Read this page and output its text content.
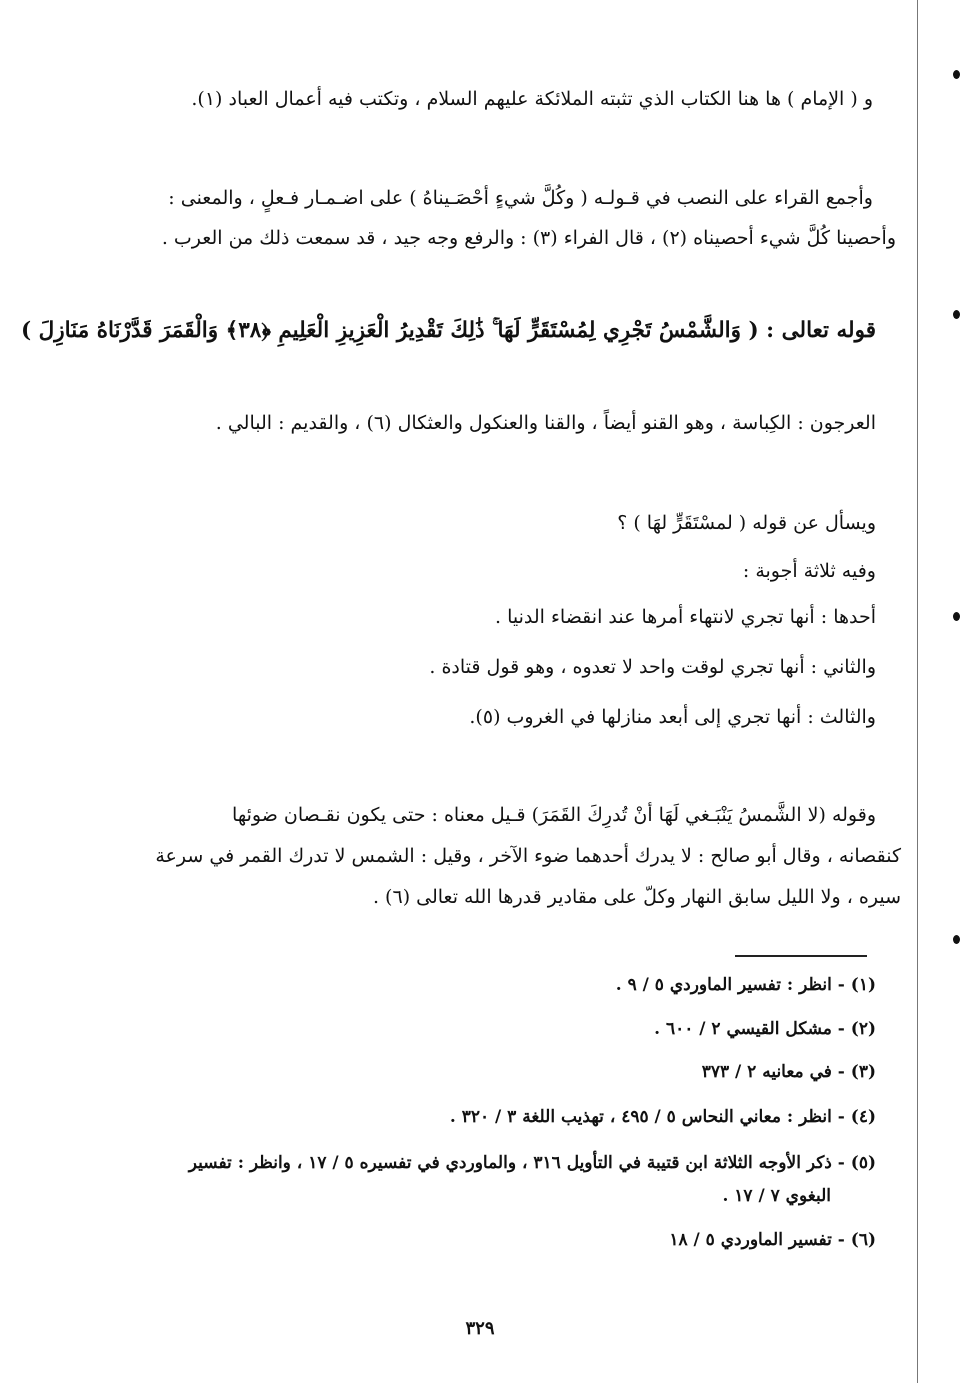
و ( الإمام ) ها هنا الكتاب الذي تثبته الملائكة عليهم السلام ، وتكتب فيه أعمال العباد (١).
وأجمع القراء على النصب في قـولـه ( وكُلَّ شيءٍ أحْصَـيناهُ ) على اضـمـار فـعلٍ ، والمعنى :
وأحصينا كُلَّ شيء أحصيناه (٢) ، قال الفراء (٣) : والرفع وجه جيد ، قد سمعت ذلك من العرب .
قوله تعالى : ( وَالشَّمْسُ تَجْرِي لِمُسْتَقَرٍّ لَهَا ۚ ذَٰلِكَ تَقْدِيرُ الْعَزِيزِ الْعَلِيمِ ﴿٣٨﴾ وَالْقَمَرَ قَدَّرْنَاهُ مَنَازِلَ )
العرجون : الكِباسة ، وهو القنو أيضاً ، والقنا والعنكول والعثكال (٦) ، والقديم : البالي .
ويسأل عن قوله ( لمسْتَقَرٍّ لهَا ) ؟
وفيه ثلاثة أجوبة :
أحدها : أنها تجري لانتهاء أمرها عند انقضاء الدنيا .
والثاني : أنها تجري لوقت واحد لا تعدوه ، وهو قول قتادة .
والثالث : أنها تجري إلى أبعد منازلها في الغروب (٥).
وقوله (لا الشَّمسُ يَنْبَـغي لَهَا أنْ تُدرِكَ القَمَرَ) قـيل معناه : حتى يكون نقـصان ضوئها
كنقصانه ، وقال أبو صالح : لا يدرك أحدهما ضوء الآخر ، وقيل : الشمس لا تدرك القمر في سرعة
سيره ، ولا الليل سابق النهار وكلّ على مقادير قدرها الله تعالى (٦) .
(١) - انظر : تفسير الماوردي ٥ / ٩ .
(٢) - مشكل القيسي ٢ / ٦٠٠ .
(٣) - في معانيه ٢ / ٣٧٣
(٤) - انظر : معاني النحاس ٥ / ٤٩٥ ، تهذيب اللغة ٣ / ٣٢٠ .
(٥) - ذكر الأوجه الثلاثة ابن قتيبة في التأويل ٣١٦ ، والماوردي في تفسيره ٥ / ١٧ ، وانظر : تفسير
البغوي ٧ / ١٧ .
(٦) - تفسير الماوردي ٥ / ١٨
٣٢٩
